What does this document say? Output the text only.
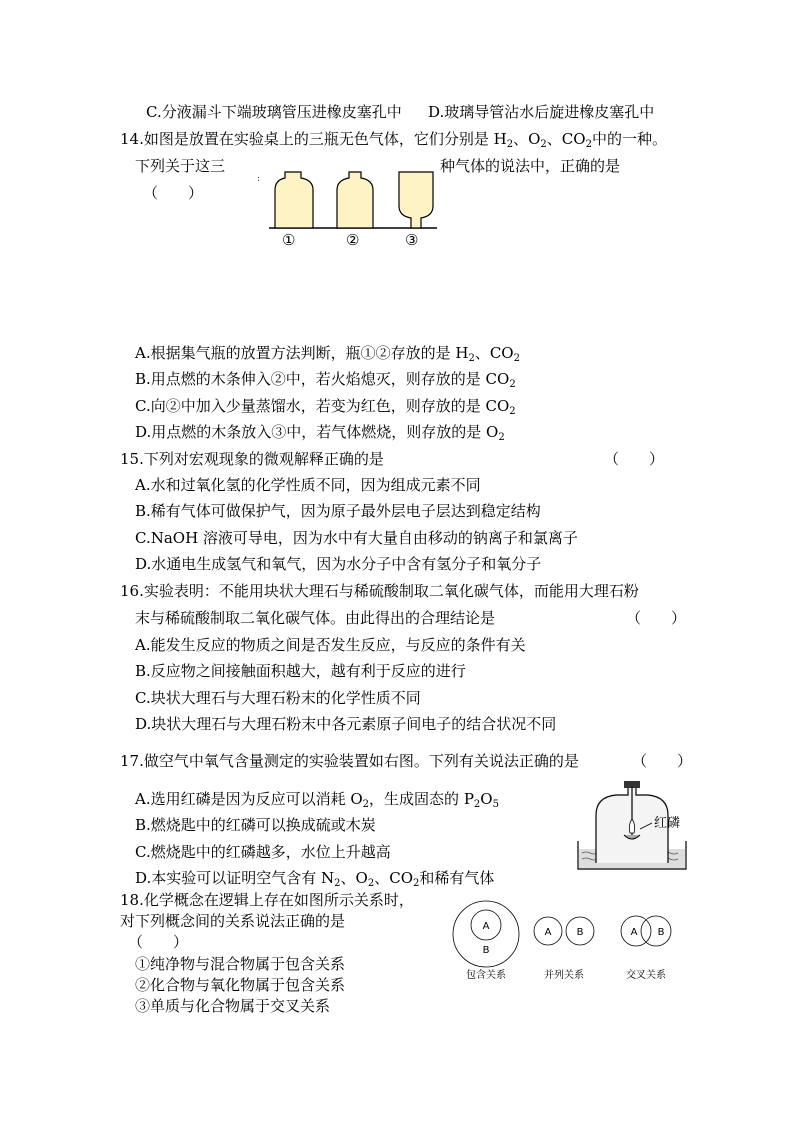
C.分液漏斗下端玻璃管压进橡皮塞孔中 D.玻璃导管沾水后旋进橡皮塞孔中
14.如图是放置在实验桌上的三瓶无色气体，它们分别是 $H_2$、$O_2$、$CO_2$中的一种。
下列关于这三	种气体的说法中，正确的是
（　　）
:
①	②	③
A.根据集气瓶的放置方法判断，瓶①②存放的是 $H_2$、$CO_2$
B.用点燃的木条伸入②中，若火焰熄灭，则存放的是 $CO_2$
C.向②中加入少量蒸馏水，若变为红色，则存放的是 $CO_2$
D.用点燃的木条放入③中，若气体燃烧，则存放的是 $O_2$
15.下列对宏观现象的微观解释正确的是	（　　）
A.水和过氧化氢的化学性质不同，因为组成元素不同
B.稀有气体可做保护气，因为原子最外层电子层达到稳定结构
C.NaOH 溶液可导电，因为水中有大量自由移动的钠离子和氯离子
D.水通电生成氢气和氧气，因为水分子中含有氢分子和氧分子
16.实验表明：不能用块状大理石与稀硫酸制取二氧化碳气体，而能用大理石粉
末与稀硫酸制取二氧化碳气体。由此得出的合理结论是	（　　）
A.能发生反应的物质之间是否发生反应，与反应的条件有关
B.反应物之间接触面积越大，越有利于反应的进行
C.块状大理石与大理石粉末的化学性质不同
D.块状大理石与大理石粉末中各元素原子间电子的结合状况不同
17.做空气中氧气含量测定的实验装置如右图。下列有关说法正确的是	（　　）
A.选用红磷是因为反应可以消耗 $O_2$，生成固态的 $P_2O_5$
B.燃烧匙中的红磷可以换成硫或木炭
C.燃烧匙中的红磷越多，水位上升越高
D.本实验可以证明空气含有 $N_2$、$O_2$、$CO_2$和稀有气体
红磷
18.化学概念在逻辑上存在如图所示关系时，
对下列概念间的关系说法正确的是
（　　）
①纯净物与混合物属于包含关系
②化合物与氧化物属于包含关系
③单质与化合物属于交叉关系
A
B
A	B	A B
包含关系	并列关系	交叉关系
